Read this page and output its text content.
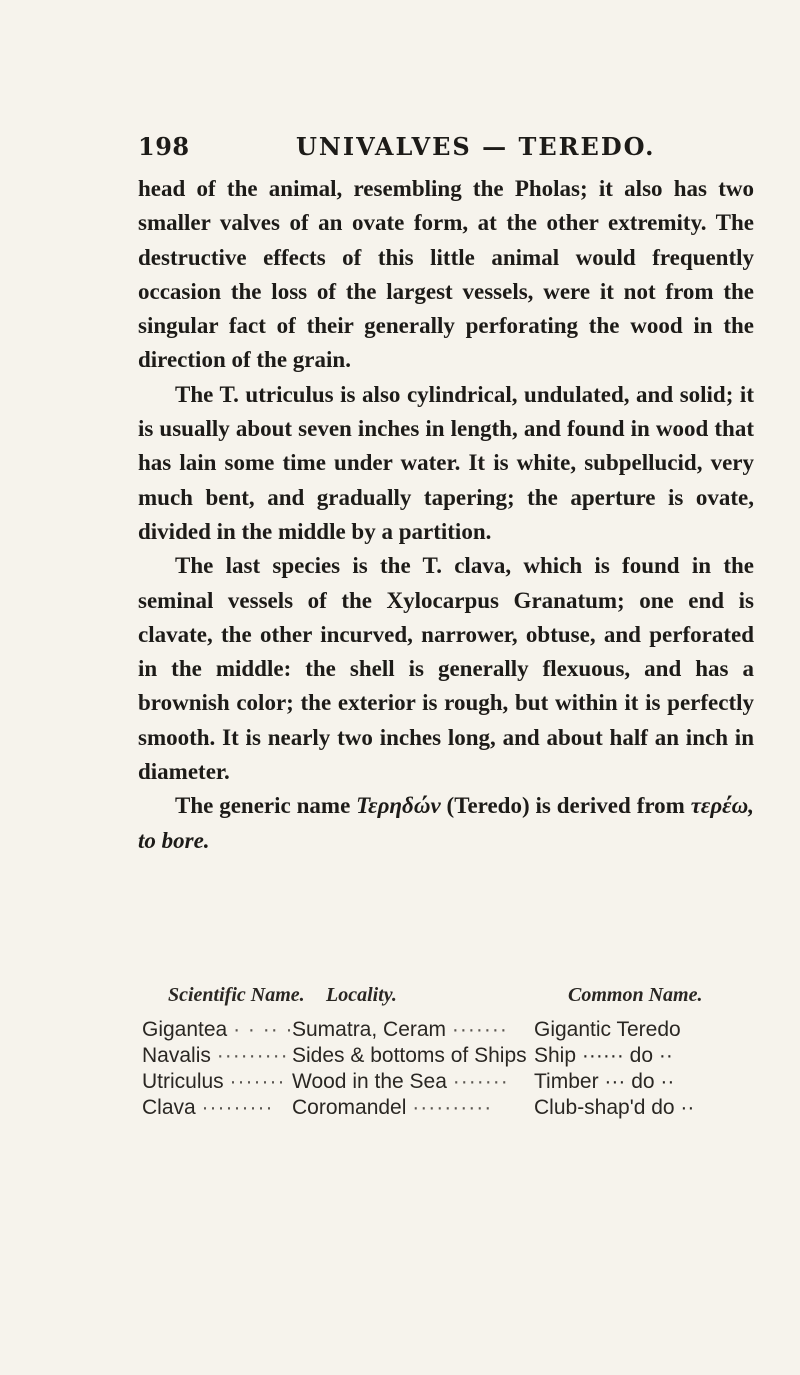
198	UNIVALVES — TEREDO.

head of the animal, resembling the Pholas; it also has two smaller valves of an ovate form, at the other extremity. The destructive effects of this little animal would frequently occasion the loss of the largest vessels, were it not from the singular fact of their generally perforating the wood in the direction of the grain.

The T. utriculus is also cylindrical, undulated, and solid; it is usually about seven inches in length, and found in wood that has lain some time under water. It is white, subpellucid, very much bent, and gradually tapering; the aperture is ovate, divided in the middle by a partition.

The last species is the T. clava, which is found in the seminal vessels of the Xylocarpus Granatum; one end is clavate, the other incurved, narrower, obtuse, and perforated in the middle: the shell is generally flexuous, and has a brownish color; the exterior is rough, but within it is perfectly smooth. It is nearly two inches long, and about half an inch in diameter.

The generic name Τερηδών (Teredo) is derived from τερέω, to bore.

Scientific Name. Locality.	Common Name.
Gigantea · · ·· · ·
Sumatra, Ceram ······· Gigantic Teredo
Navalis ········· Sides & bottoms of Ships Ship ······ do ··
Utriculus ······· Wood in the Sea ······· Timber ··· do ··
Clava ········· Coromandel ·········· Club-shap'd do ··
